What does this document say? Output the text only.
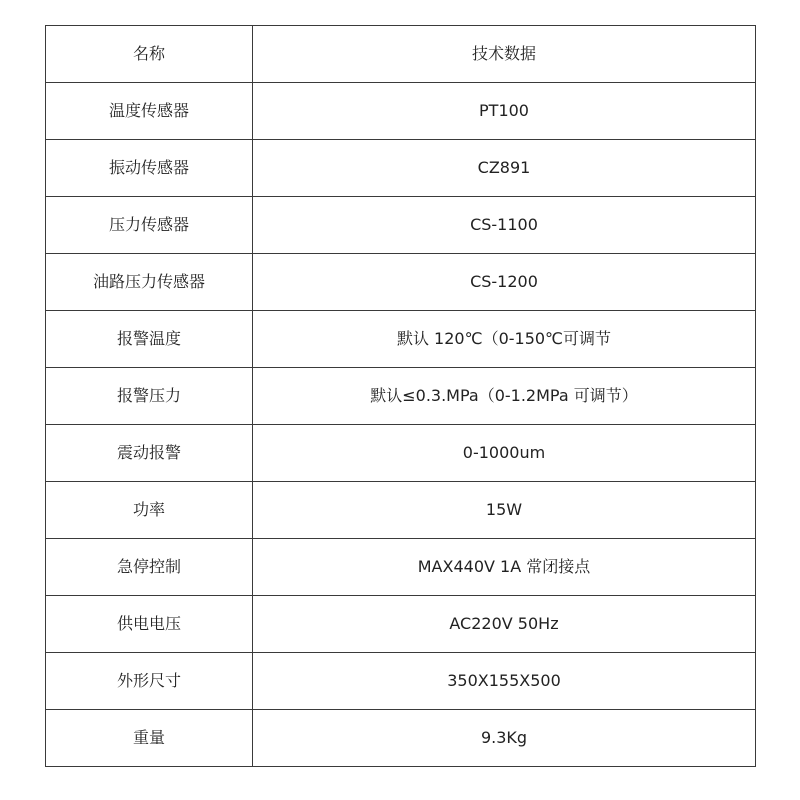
名称	技术数据
温度传感器	PT100
振动传感器	CZ891
压力传感器	CS-1100
油路压力传感器	CS-1200
报警温度	默认 120℃（0-150℃可调节
报警压力	默认≤0.3.MPa（0-1.2MPa 可调节）
震动报警	0-1000um
功率	15W
急停控制	MAX440V 1A 常闭接点
供电电压	AC220V 50Hz
外形尺寸	350X155X500
重量	9.3Kg
